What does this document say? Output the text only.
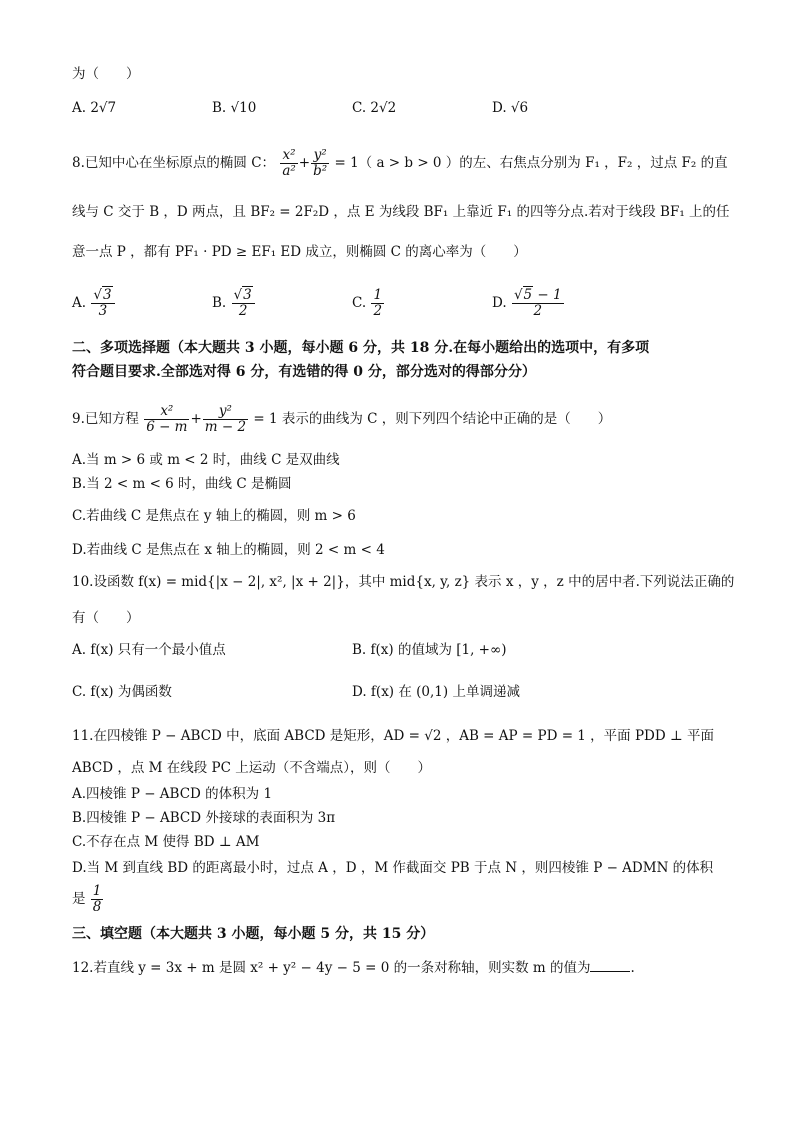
为（　　）
A. 2√7	B. √10	C. 2√2	D. √6
8.已知中心在坐标原点的椭圆 C： $\frac{\text{x²}}{\text{a²}} + \frac{\text{y²}}{\text{b²}} = 1$（ a > b > 0 ）的左、右焦点分别为 F₁ ，F₂ ，过点 F₂ 的直
线与 C 交于 B ，D 两点，且 BF₂ = 2F₂D ，点 E 为线段 BF₁ 上靠近 F₁ 的四等分点.若对于线段 BF₁ 上的任
意一点 P ，都有 PF₁ · PD ≥ EF₁ ED 成立，则椭圆 C 的离心率为（　　）
A. $\frac{√3}{3}$	B. $\frac{√3}{2}$	C. $\frac{1}{2}$	D. $\frac{√5 - 1}{2}$
二、多项选择题（本大题共 3 小题，每小题 6 分，共 18 分.在每小题给出的选项中，有多项
符合题目要求.全部选对得 6 分，有选错的得 0 分，部分选对的得部分分）
9.已知方程 $\frac{\text{x²}}{6 - m} + \frac{\text{y²}}{m - 2} = 1$ 表示的曲线为 C ，则下列四个结论中正确的是（　　）
A.当 m > 6 或 m < 2 时，曲线 C 是双曲线
B.当 2 < m < 6 时，曲线 C 是椭圆
C.若曲线 C 是焦点在 y 轴上的椭圆，则 m > 6
D.若曲线 C 是焦点在 x 轴上的椭圆，则 2 < m < 4
10.设函数 f(x) = mid{|x − 2|, x², |x + 2|}，其中 mid{x, y, z} 表示 x ，y ，z 中的居中者.下列说法正确的
有（　　）
A. f(x) 只有一个最小值点	B. f(x) 的值域为 [1, +∞)
C. f(x) 为偶函数	D. f(x) 在 (0,1) 上单调递减
11.在四棱锥 P − ABCD 中，底面 ABCD 是矩形，AD = √2 ，AB = AP = PD = 1 ，平面 PDD ⊥ 平面
ABCD ，点 M 在线段 PC 上运动（不含端点），则（　　）
A.四棱锥 P − ABCD 的体积为 1
B.四棱锥 P − ABCD 外接球的表面积为 3π
C.不存在点 M 使得 BD ⊥ AM
D.当 M 到直线 BD 的距离最小时，过点 A ，D ，M 作截面交 PB 于点 N ，则四棱锥 P − ADMN 的体积
是 $\frac{1}{8}$
三、填空题（本大题共 3 小题，每小题 5 分，共 15 分）
12.若直线 y = 3x + m 是圆 x² + y² − 4y − 5 = 0 的一条对称轴，则实数 m 的值为	.
